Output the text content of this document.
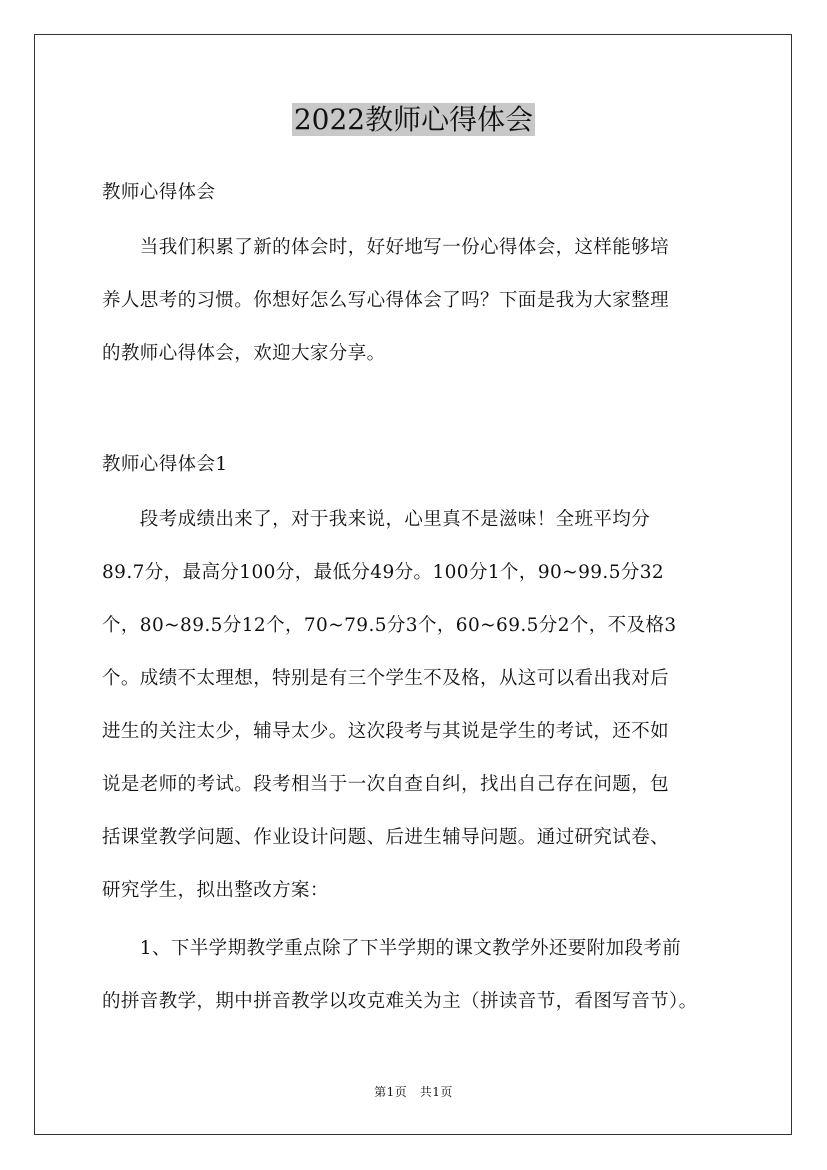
2022教师心得体会
教师心得体会
　　当我们积累了新的体会时，好好地写一份心得体会，这样能够培
养人思考的习惯。你想好怎么写心得体会了吗？下面是我为大家整理
的教师心得体会，欢迎大家分享。
教师心得体会1
　　段考成绩出来了，对于我来说，心里真不是滋味！全班平均分
89.7分，最高分100分，最低分49分。100分1个，90~99.5分32
个，80~89.5分12个，70~79.5分3个，60~69.5分2个，不及格3
个。成绩不太理想，特别是有三个学生不及格，从这可以看出我对后
进生的关注太少，辅导太少。这次段考与其说是学生的考试，还不如
说是老师的考试。段考相当于一次自查自纠，找出自己存在问题，包
括课堂教学问题、作业设计问题、后进生辅导问题。通过研究试卷、
研究学生，拟出整改方案：
　　1、下半学期教学重点除了下半学期的课文教学外还要附加段考前
的拼音教学，期中拼音教学以攻克难关为主（拼读音节，看图写音节）。
第1页　共1页
